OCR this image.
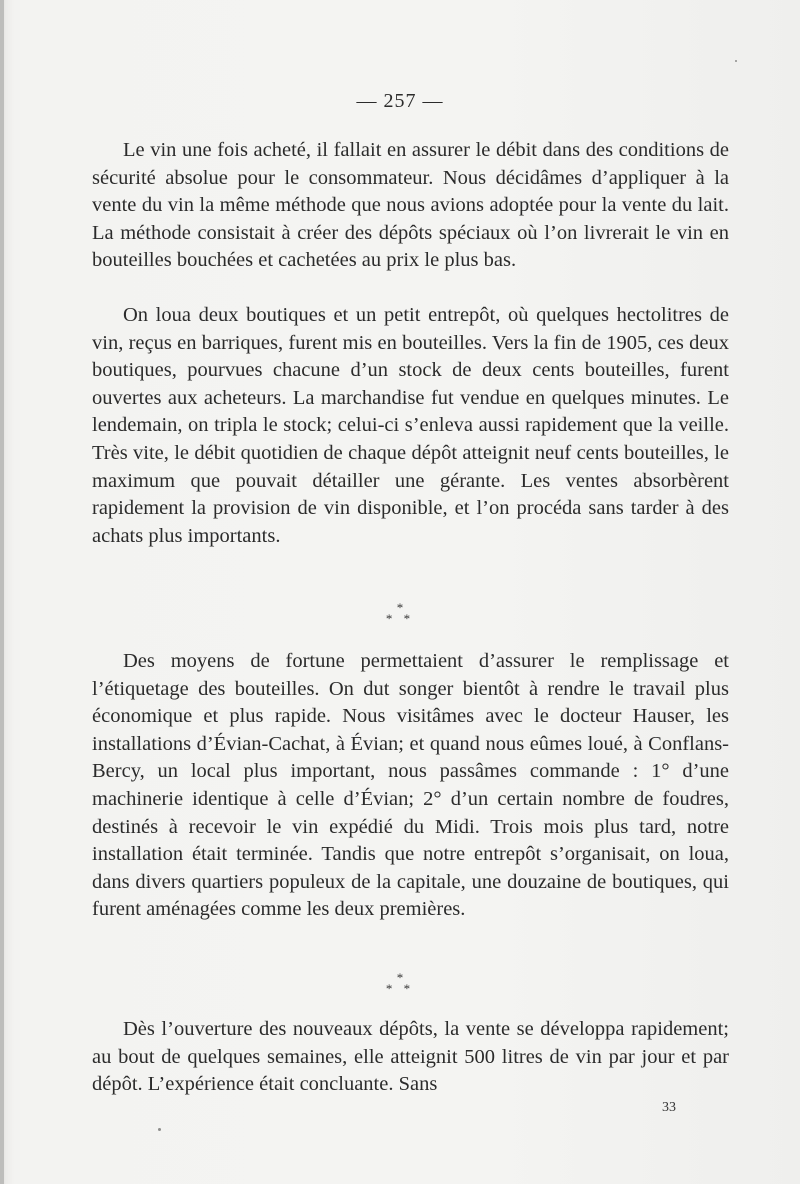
— 257 —

Le vin une fois acheté, il fallait en assurer le débit dans des conditions de sécurité absolue pour le consommateur. Nous décidâmes d’appliquer à la vente du vin la même méthode que nous avions adoptée pour la vente du lait. La méthode consistait à créer des dépôts spéciaux où l’on livrerait le vin en bouteilles bouchées et cachetées au prix le plus bas.

On loua deux boutiques et un petit entrepôt, où quelques hectolitres de vin, reçus en barriques, furent mis en bouteilles. Vers la fin de 1905, ces deux boutiques, pourvues chacune d’un stock de deux cents bouteilles, furent ouvertes aux acheteurs. La marchandise fut vendue en quelques minutes. Le lendemain, on tripla le stock; celui-ci s’enleva aussi rapidement que la veille. Très vite, le débit quotidien de chaque dépôt atteignit neuf cents bouteilles, le maximum que pouvait détailler une gérante. Les ventes absorbèrent rapidement la provision de vin disponible, et l’on procéda sans tarder à des achats plus importants.

*
* *

Des moyens de fortune permettaient d’assurer le remplissage et l’étiquetage des bouteilles. On dut songer bientôt à rendre le travail plus économique et plus rapide. Nous visitâmes avec le docteur Hauser, les installations d’Évian-Cachat, à Évian; et quand nous eûmes loué, à Conflans-Bercy, un local plus important, nous passâmes commande : 1° d’une machinerie identique à celle d’Évian; 2° d’un certain nombre de foudres, destinés à recevoir le vin expédié du Midi. Trois mois plus tard, notre installation était terminée. Tandis que notre entrepôt s’organisait, on loua, dans divers quartiers populeux de la capitale, une douzaine de boutiques, qui furent aménagées comme les deux premières.

*
* *

Dès l’ouverture des nouveaux dépôts, la vente se développa rapidement; au bout de quelques semaines, elle atteignit 500 litres de vin par jour et par dépôt. L’expérience était concluante. Sans

33
